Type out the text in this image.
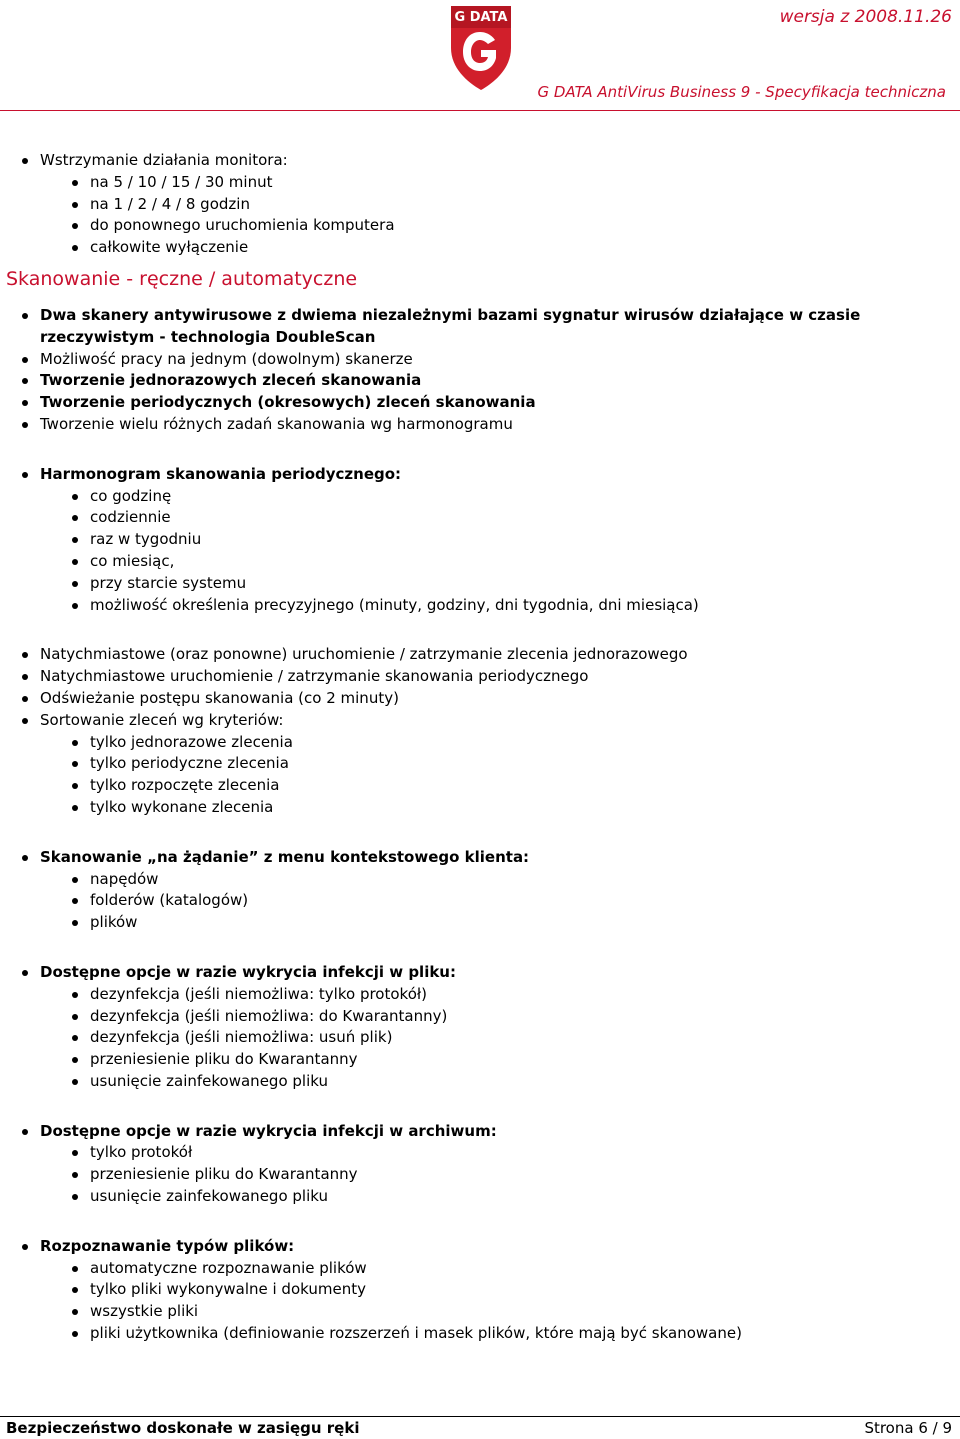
G DATA	wersja z 2008.11.26
G DATA AntiVirus Business 9 - Specyfikacja techniczna
Wstrzymanie działania monitora:
na 5 / 10 / 15 / 30 minut
na 1 / 2 / 4 / 8 godzin
do ponownego uruchomienia komputera
całkowite wyłączenie
Skanowanie - ręczne / automatyczne
Dwa skanery antywirusowe z dwiema niezależnymi bazami sygnatur wirusów działające w czasie rzeczywistym - technologia DoubleScan
Możliwość pracy na jednym (dowolnym) skanerze
Tworzenie jednorazowych zleceń skanowania
Tworzenie periodycznych (okresowych) zleceń skanowania
Tworzenie wielu różnych zadań skanowania wg harmonogramu
Harmonogram skanowania periodycznego:
co godzinę
codziennie
raz w tygodniu
co miesiąc,
przy starcie systemu
możliwość określenia precyzyjnego (minuty, godziny, dni tygodnia, dni miesiąca)
Natychmiastowe (oraz ponowne) uruchomienie / zatrzymanie zlecenia jednorazowego
Natychmiastowe uruchomienie / zatrzymanie skanowania periodycznego
Odświeżanie postępu skanowania (co 2 minuty)
Sortowanie zleceń wg kryteriów:
tylko jednorazowe zlecenia
tylko periodyczne zlecenia
tylko rozpoczęte zlecenia
tylko wykonane zlecenia
Skanowanie „na żądanie” z menu kontekstowego klienta:
napędów
folderów (katalogów)
plików
Dostępne opcje w razie wykrycia infekcji w pliku:
dezynfekcja (jeśli niemożliwa: tylko protokół)
dezynfekcja (jeśli niemożliwa: do Kwarantanny)
dezynfekcja (jeśli niemożliwa: usuń plik)
przeniesienie pliku do Kwarantanny
usunięcie zainfekowanego pliku
Dostępne opcje w razie wykrycia infekcji w archiwum:
tylko protokół
przeniesienie pliku do Kwarantanny
usunięcie zainfekowanego pliku
Rozpoznawanie typów plików:
automatyczne rozpoznawanie plików
tylko pliki wykonywalne i dokumenty
wszystkie pliki
pliki użytkownika (definiowanie rozszerzeń i masek plików, które mają być skanowane)
Bezpieczeństwo doskonałe w zasięgu ręki	Strona 6 / 9
